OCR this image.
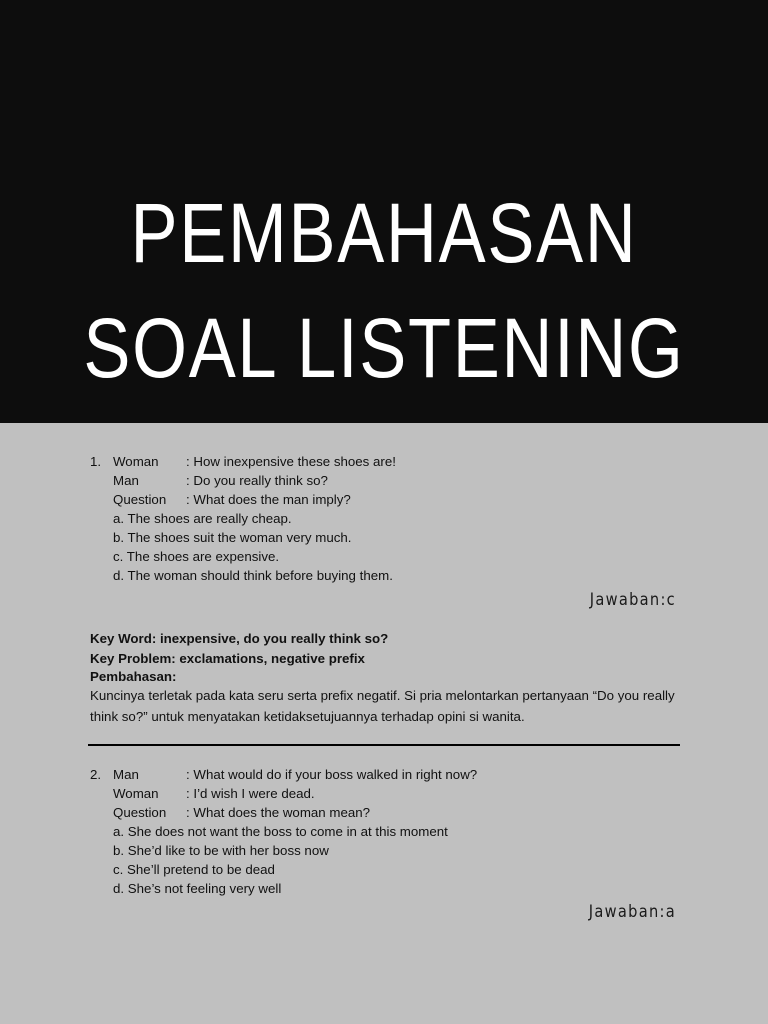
PEMBAHASAN
SOAL LISTENING
1. Woman : How inexpensive these shoes are!
Man	: Do you really think so?
Question : What does the man imply?
a. The shoes are really cheap.
b. The shoes suit the woman very much.
c. The shoes are expensive.
d. The woman should think before buying them.
Jawaban:c
Key Word: inexpensive, do you really think so?
Key Problem: exclamations, negative prefix
Pembahasan:
Kuncinya terletak pada kata seru serta prefix negatif. Si pria melontarkan pertanyaan “Do you really think so?” untuk menyatakan ketidaksetujuannya terhadap opini si wanita.
2. Man	: What would do if your boss walked in right now?
Woman : I’d wish I were dead.
Question : What does the woman mean?
a. She does not want the boss to come in at this moment
b. She’d like to be with her boss now
c. She’ll pretend to be dead
d. She’s not feeling very well
Jawaban:a
